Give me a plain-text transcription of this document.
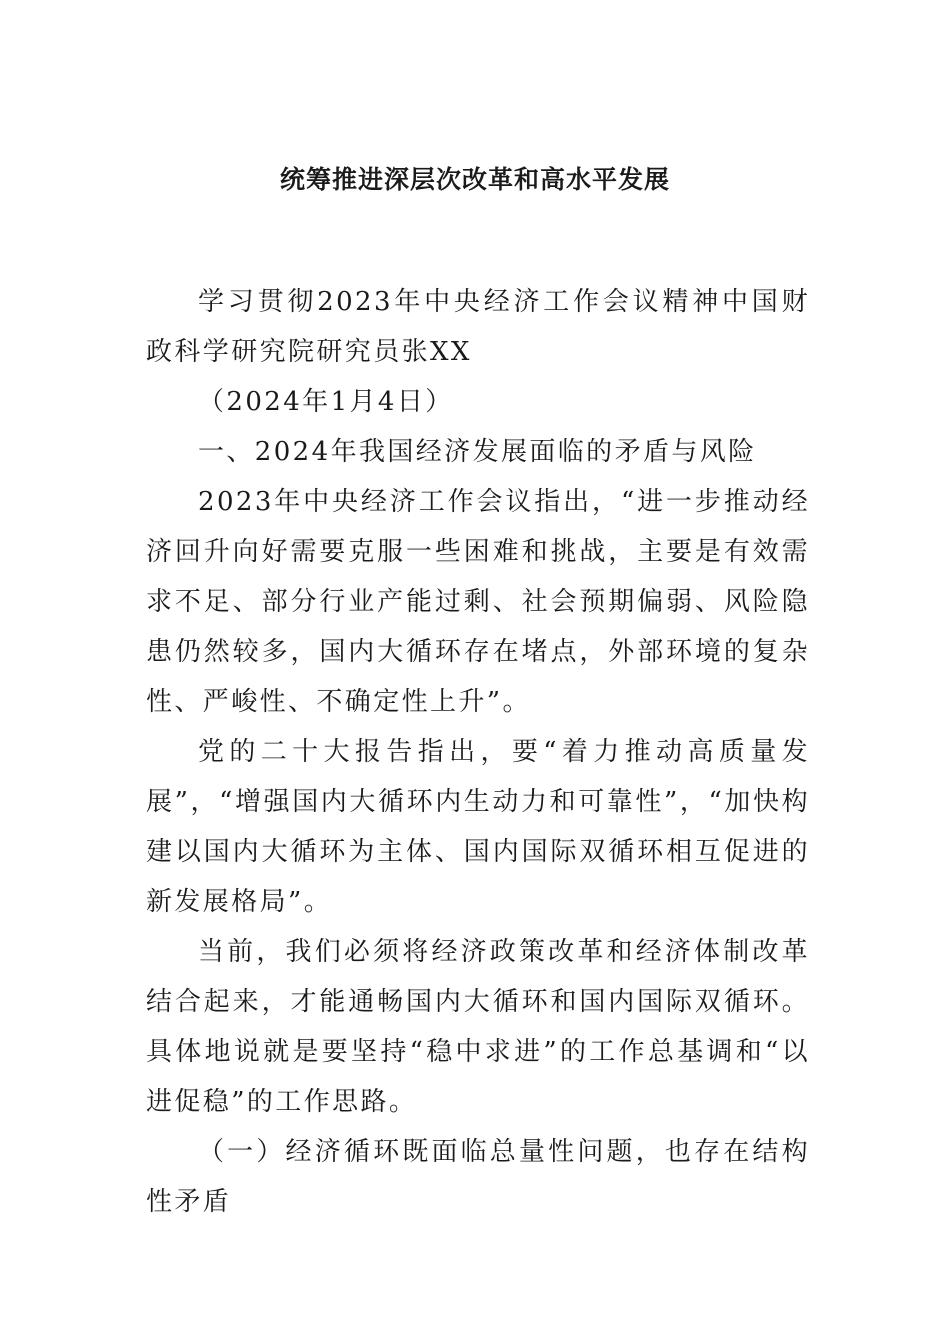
统筹推进深层次改革和高水平发展

学习贯彻2023年中央经济工作会议精神中国财政科学研究院研究员张XX

（2024年1月4日）

一、2024年我国经济发展面临的矛盾与风险

2023年中央经济工作会议指出，“进一步推动经济回升向好需要克服一些困难和挑战，主要是有效需求不足、部分行业产能过剩、社会预期偏弱、风险隐患仍然较多，国内大循环存在堵点，外部环境的复杂性、严峻性、不确定性上升”。

党的二十大报告指出，要“着力推动高质量发展”，“增强国内大循环内生动力和可靠性”，“加快构建以国内大循环为主体、国内国际双循环相互促进的新发展格局”。

当前，我们必须将经济政策改革和经济体制改革结合起来，才能通畅国内大循环和国内国际双循环。具体地说就是要坚持“稳中求进”的工作总基调和“以进促稳”的工作思路。

（一）经济循环既面临总量性问题，也存在结构性矛盾
